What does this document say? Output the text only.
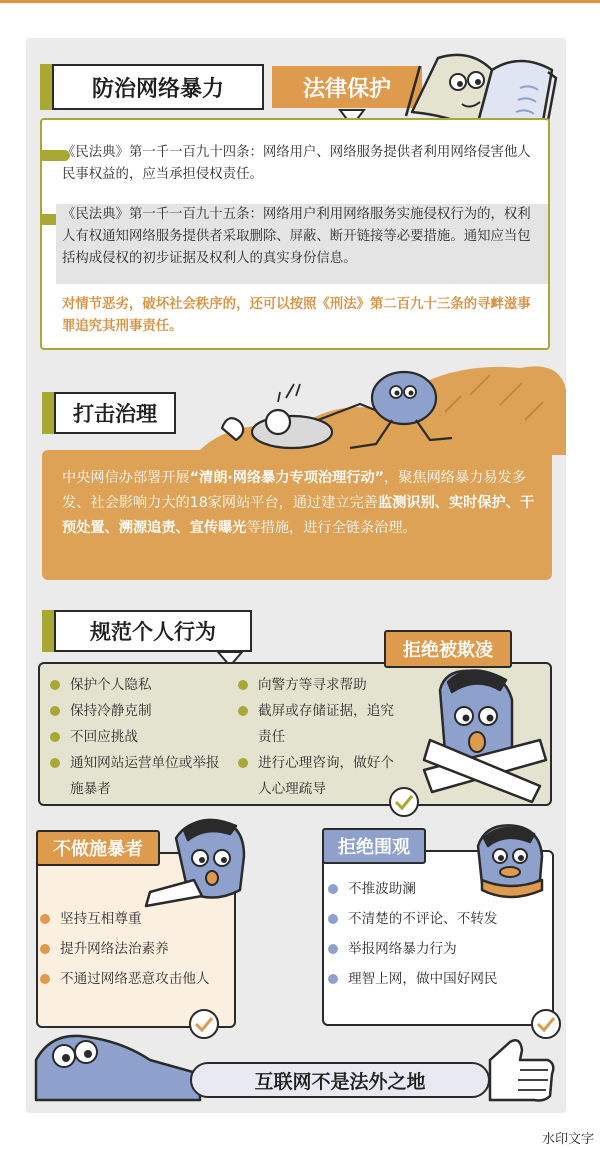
防治网络暴力	法律保护
《民法典》第一千一百九十四条：网络用户、网络服务提供者利用网络侵害他人民事权益的，应当承担侵权责任。
《民法典》第一千一百九十五条：网络用户利用网络服务实施侵权行为的，权利人有权通知网络服务提供者采取删除、屏蔽、断开链接等必要措施。通知应当包括构成侵权的初步证据及权利人的真实身份信息。
对情节恶劣，破坏社会秩序的，还可以按照《刑法》第二百九十三条的寻衅滋事罪追究其刑事责任。
打击治理
中央网信办部署开展“清朗·网络暴力专项治理行动”，聚焦网络暴力易发多发、社会影响力大的18家网站平台，通过建立完善监测识别、实时保护、干预处置、溯源追责、宣传曝光等措施，进行全链条治理。
规范个人行为
拒绝被欺凌
保护个人隐私
保持冷静克制
不回应挑战
通知网站运营单位或举报施暴者
向警方等寻求帮助
截屏或存储证据，追究责任
进行心理咨询，做好个人心理疏导
不做施暴者
坚持互相尊重
提升网络法治素养
不通过网络恶意攻击他人
拒绝围观
不推波助澜
不清楚的不评论、不转发
举报网络暴力行为
理智上网，做中国好网民
互联网不是法外之地
水印文字
